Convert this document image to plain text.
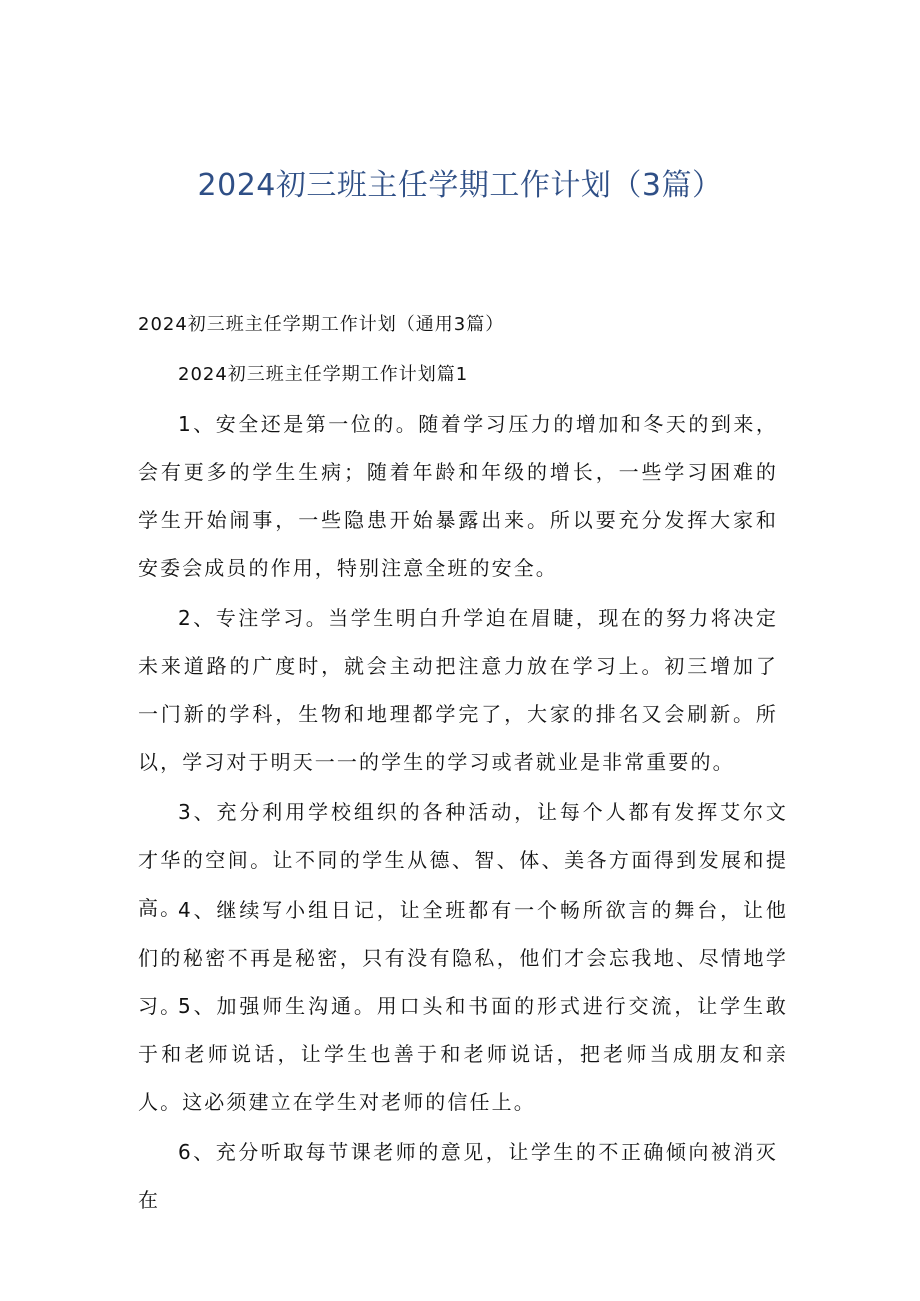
2024初三班主任学期工作计划（3篇）
2024初三班主任学期工作计划（通用3篇）
2024初三班主任学期工作计划篇1

1、安全还是第一位的。随着学习压力的增加和冬天的到来，会有更多的学生生病；随着年龄和年级的增长，一些学习困难的学生开始闹事，一些隐患开始暴露出来。所以要充分发挥大家和安委会成员的作用，特别注意全班的安全。

2、专注学习。当学生明白升学迫在眉睫，现在的努力将决定未来道路的广度时，就会主动把注意力放在学习上。初三增加了一门新的学科，生物和地理都学完了，大家的排名又会刷新。所以，学习对于明天一一的学生的学习或者就业是非常重要的。

3、充分利用学校组织的各种活动，让每个人都有发挥艾尔文才华的空间。让不同的学生从德、智、体、美各方面得到发展和提高。

4、继续写小组日记，让全班都有一个畅所欲言的舞台，让他们的秘密不再是秘密，只有没有隐私，他们才会忘我地、尽情地学习。

5、加强师生沟通。用口头和书面的形式进行交流，让学生敢于和老师说话，让学生也善于和老师说话，把老师当成朋友和亲人。这必须建立在学生对老师的信任上。

6、充分听取每节课老师的意见，让学生的不正确倾向被消灭在
